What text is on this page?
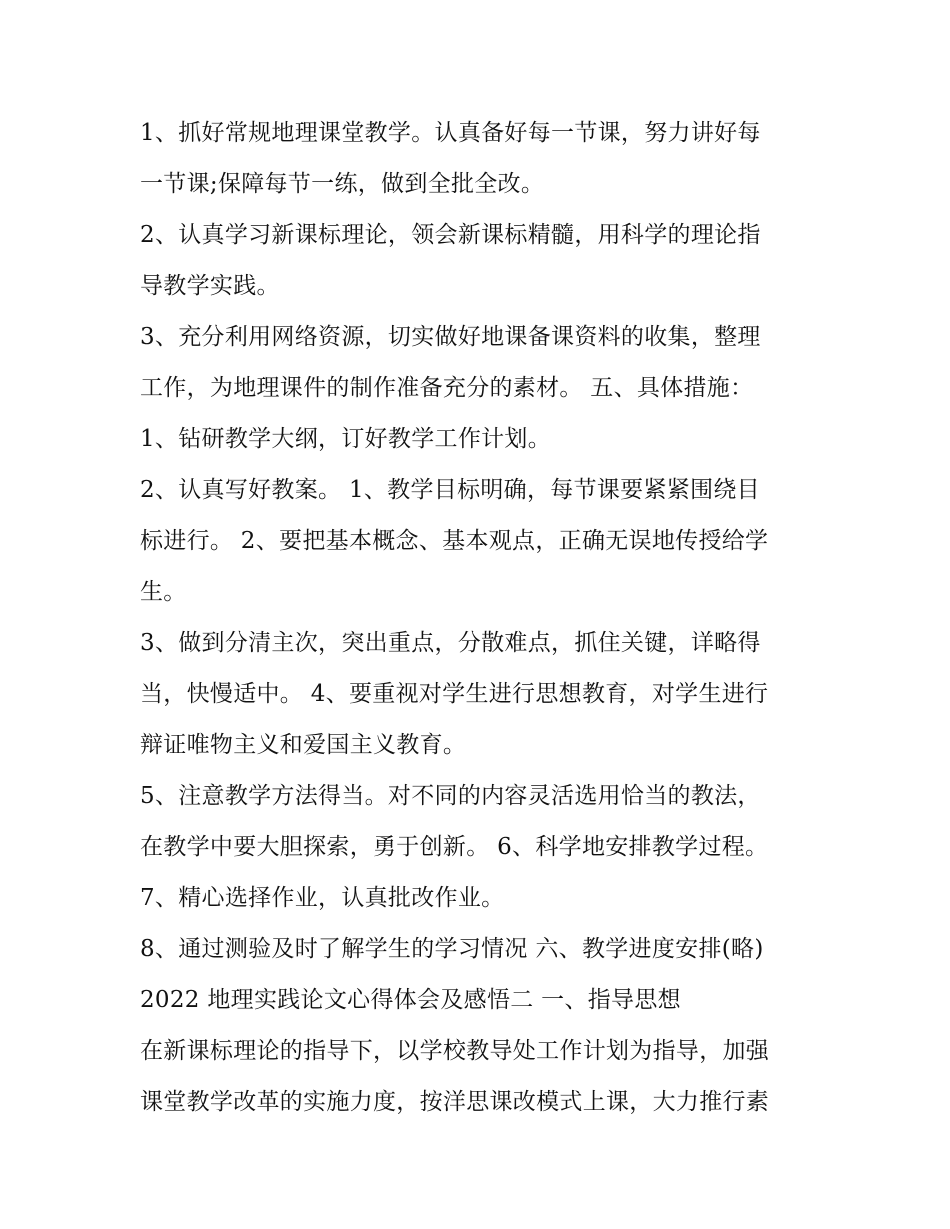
1、抓好常规地理课堂教学。认真备好每一节课，努力讲好每
一节课;保障每节一练，做到全批全改。
2、认真学习新课标理论，领会新课标精髓，用科学的理论指
导教学实践。
3、充分利用网络资源，切实做好地课备课资料的收集，整理
工作，为地理课件的制作准备充分的素材。 五、具体措施：
1、钻研教学大纲，订好教学工作计划。
2、认真写好教案。 1、教学目标明确，每节课要紧紧围绕目
标进行。 2、要把基本概念、基本观点，正确无误地传授给学
生。
3、做到分清主次，突出重点，分散难点，抓住关键，详略得
当，快慢适中。 4、要重视对学生进行思想教育，对学生进行
辩证唯物主义和爱国主义教育。
5、注意教学方法得当。对不同的内容灵活选用恰当的教法，
在教学中要大胆探索，勇于创新。 6、科学地安排教学过程。
7、精心选择作业，认真批改作业。
8、通过测验及时了解学生的学习情况 六、教学进度安排(略)
2022 地理实践论文心得体会及感悟二 一、指导思想
在新课标理论的指导下，以学校教导处工作计划为指导，加强
课堂教学改革的实施力度，按洋思课改模式上课，大力推行素
